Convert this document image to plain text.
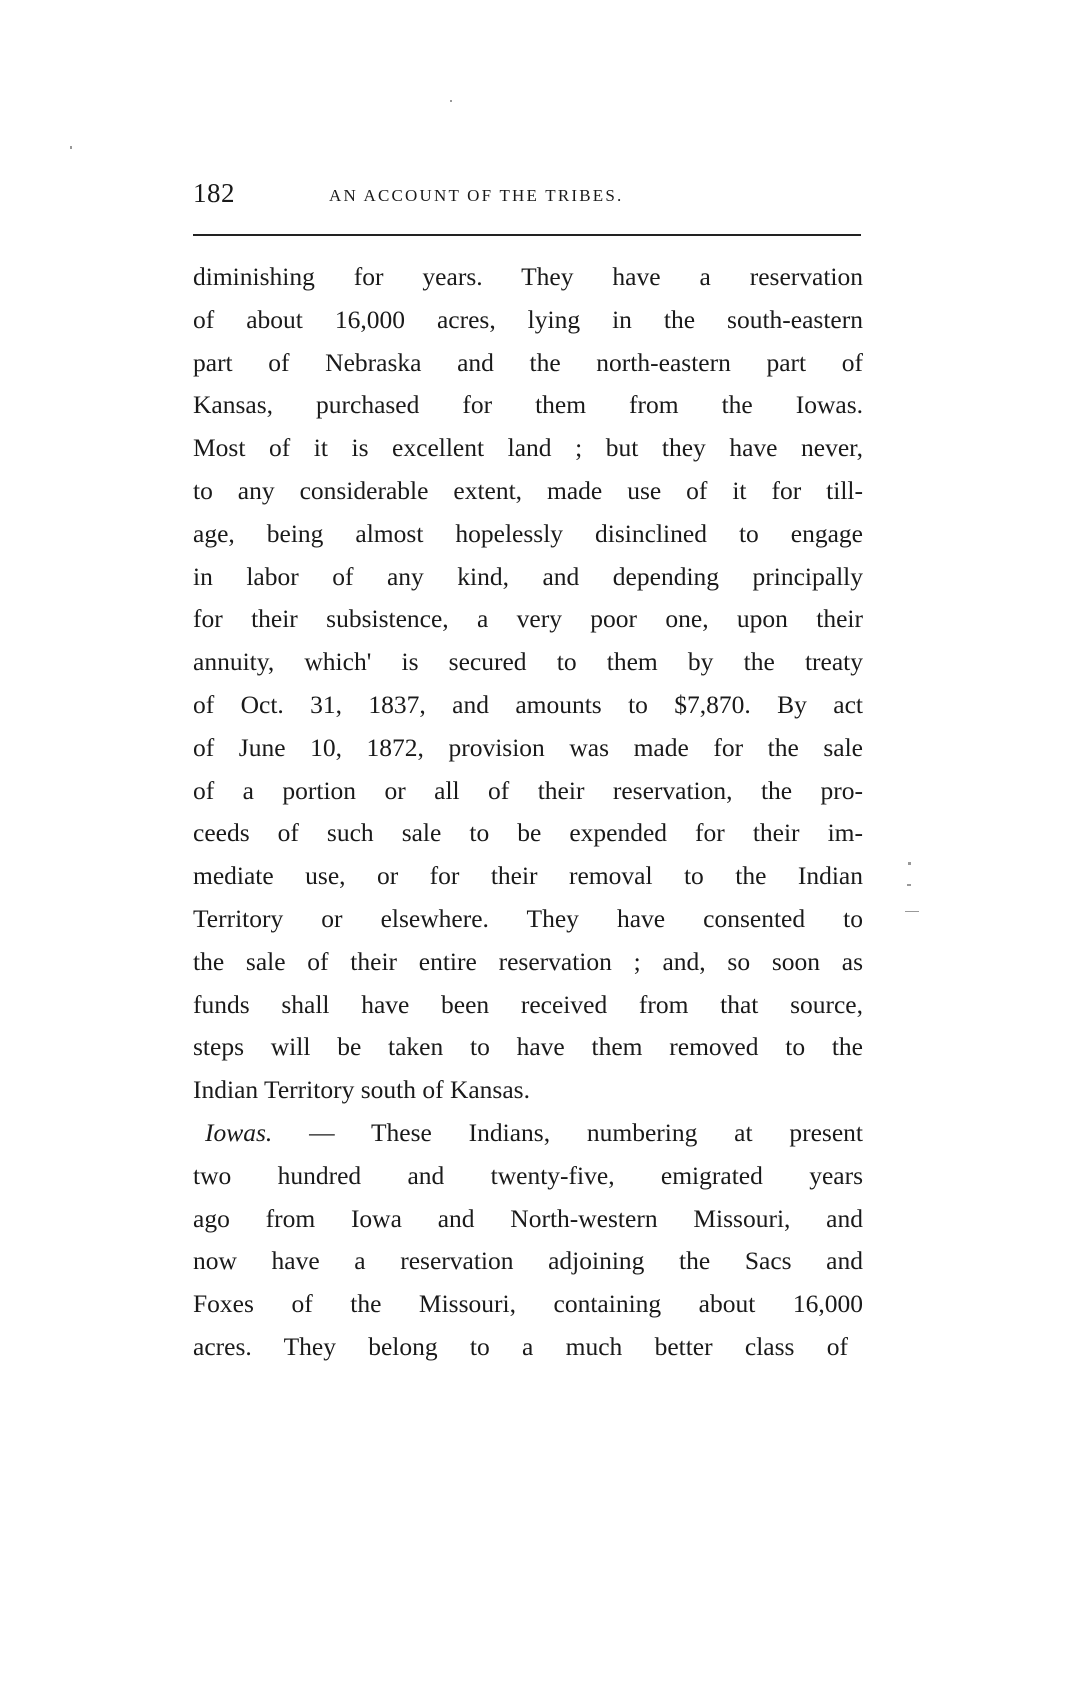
182	AN ACCOUNT OF THE TRIBES.
diminishing for years. They have a reservation
of about 16,000 acres, lying in the south-eastern
part of Nebraska and the north-eastern part of
Kansas, purchased for them from the Iowas.
Most of it is excellent land ; but they have never,
to any considerable extent, made use of it for till-
age, being almost hopelessly disinclined to engage
in labor of any kind, and depending principally
for their subsistence, a very poor one, upon their
annuity, which' is secured to them by the treaty
of Oct. 31, 1837, and amounts to $7,870. By act
of June 10, 1872, provision was made for the sale
of a portion or all of their reservation, the pro-
ceeds of such sale to be expended for their im-
mediate use, or for their removal to the Indian
Territory or elsewhere. They have consented to
the sale of their entire reservation ; and, so soon as
funds shall have been received from that source,
steps will be taken to have them removed to the
Indian Territory south of Kansas.
Iowas. — These Indians, numbering at present
two hundred and twenty-five, emigrated years
ago from Iowa and North-western Missouri, and
now have a reservation adjoining the Sacs and
Foxes of the Missouri, containing about 16,000
acres. They belong to a much better class of
